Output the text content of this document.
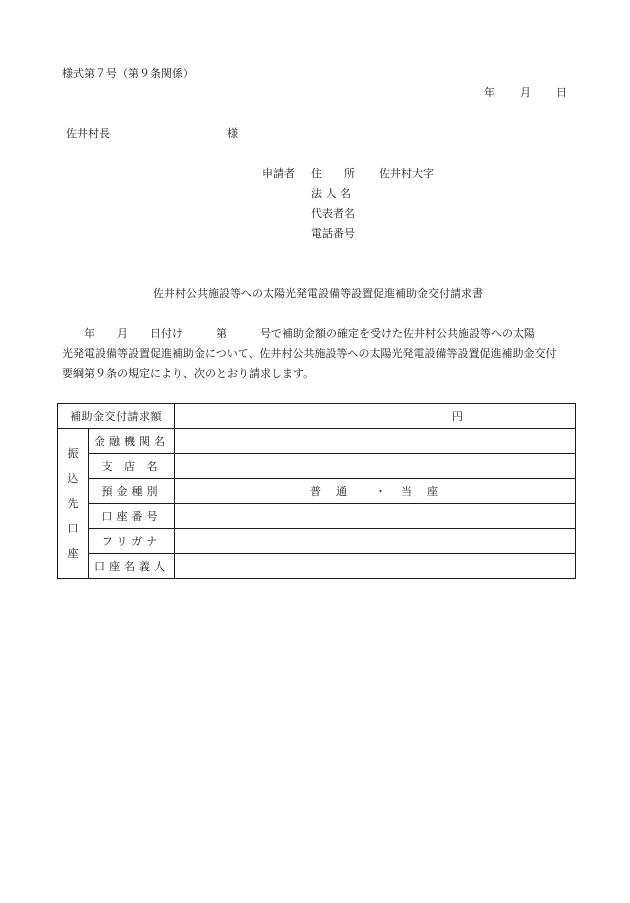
様式第７号（第９条関係）
年 月 日
佐井村長	様
申請者 住　　所 佐井村大字
法 人 名
代表者名
電話番号
佐井村公共施設等への太陽光発電設備等設置促進補助金交付請求書
　　年　　月　　日付け　　　第　　　号で補助金額の確定を受けた佐井村公共施設等への太陽
光発電設備等設置促進補助金について、佐井村公共施設等への太陽光発電設備等設置促進補助金交付
要綱第９条の規定により、次のとおり請求します。
補助金交付請求額		円
振
込
先
口
座	金融機関名	
	支 店 名	
	預金種別	普　通　　・　当　座
	口座番号	
	フリガナ	
	口座名義人	
